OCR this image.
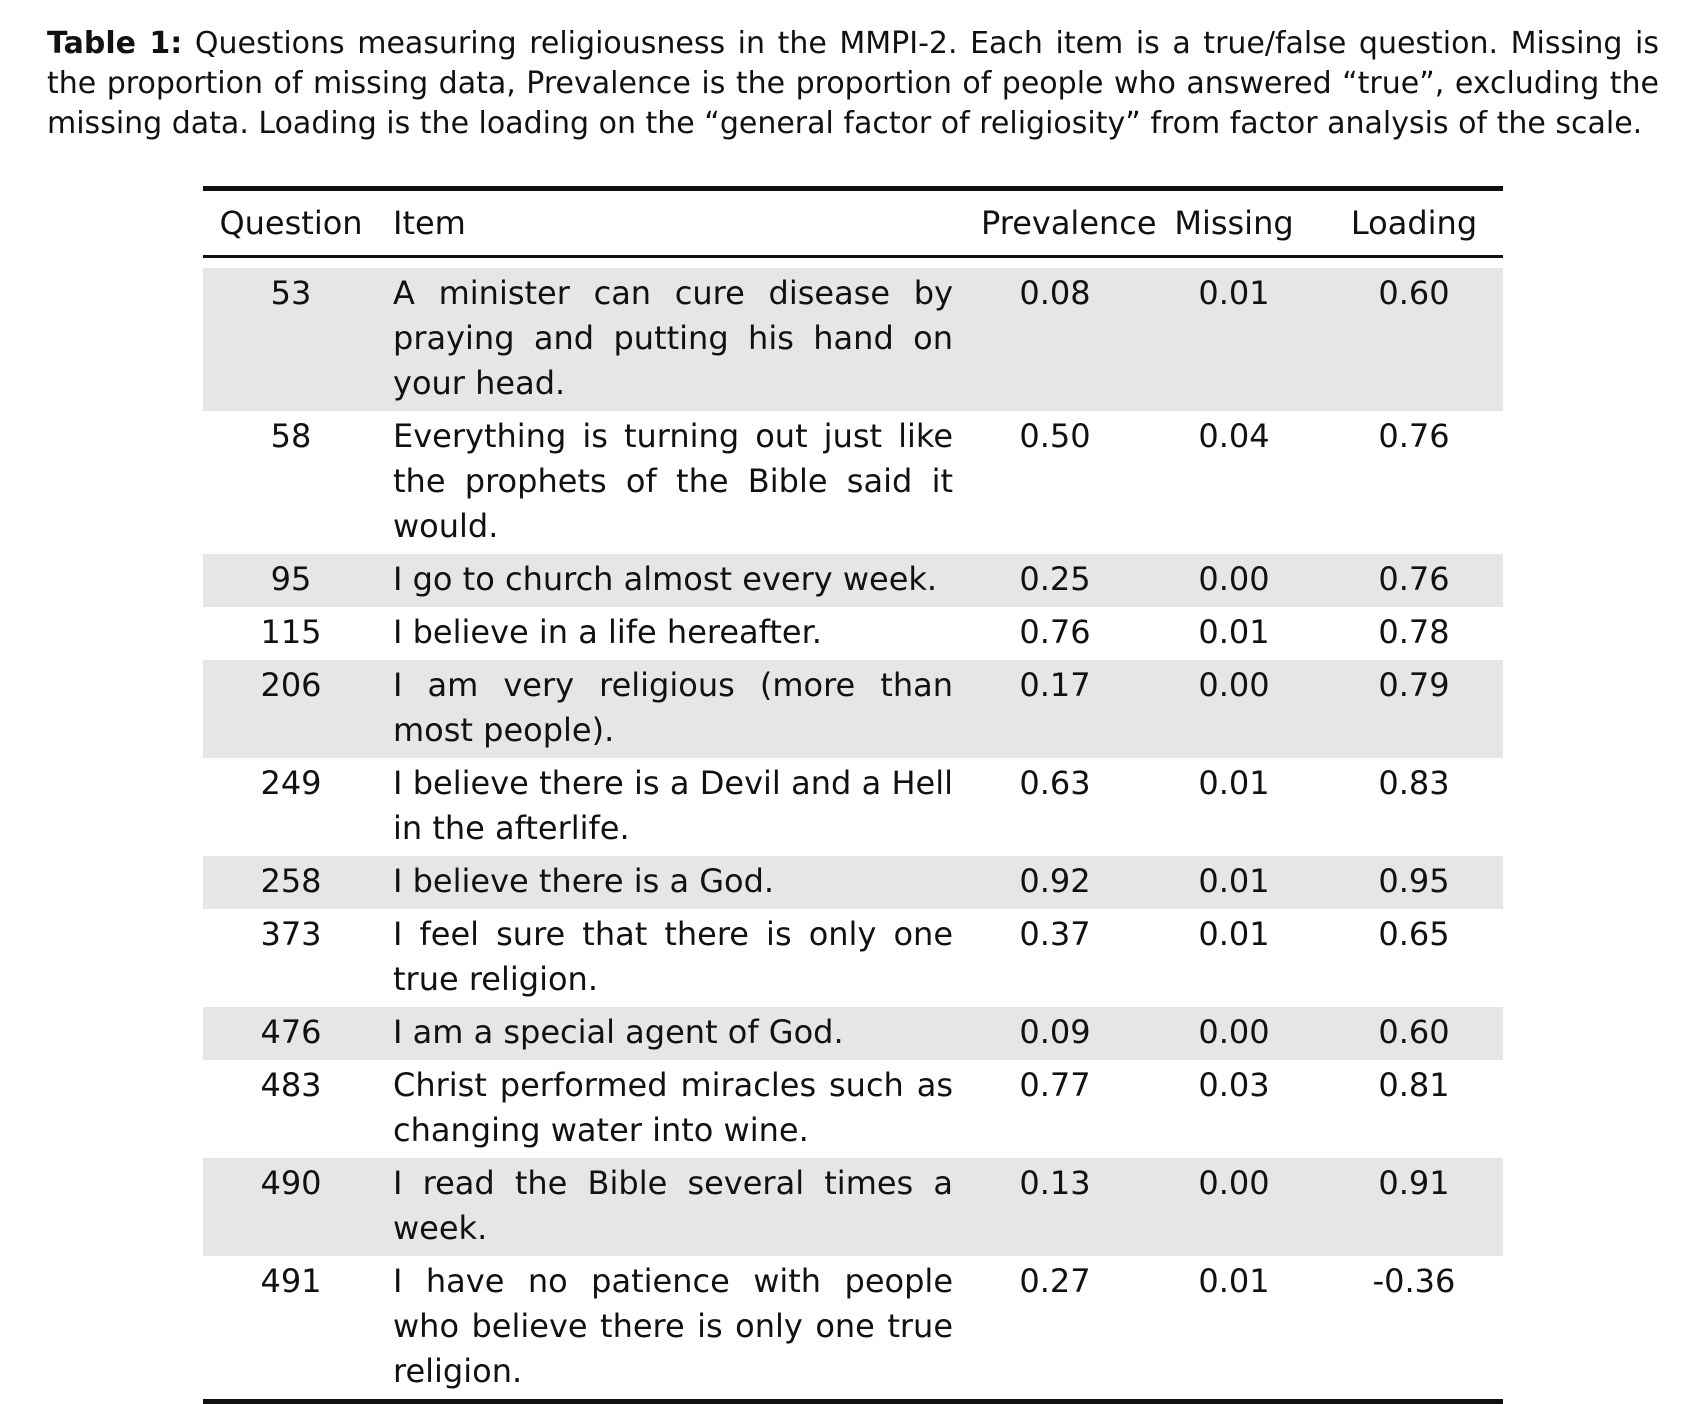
Table 1: Questions measuring religiousness in the MMPI-2. Each item is a true/false question. Missing is the proportion of missing data, Prevalence is the proportion of people who answered “true”, excluding the missing data. Loading is the loading on the “general factor of religiosity” from factor analysis of the scale.
Question	Item	Prevalence	Missing	Loading

53	A minister can cure disease by praying and putting his hand on your head.	0.08	0.01	0.60
58	Everything is turning out just like the prophets of the Bible said it would.	0.50	0.04	0.76
95	I go to church almost every week.	0.25	0.00	0.76
115	I believe in a life hereafter.	0.76	0.01	0.78
206	I am very religious (more than most people).	0.17	0.00	0.79
249	I believe there is a Devil and a Hell in the afterlife.	0.63	0.01	0.83
258	I believe there is a God.	0.92	0.01	0.95
373	I feel sure that there is only one true religion.	0.37	0.01	0.65
476	I am a special agent of God.	0.09	0.00	0.60
483	Christ performed miracles such as changing water into wine.	0.77	0.03	0.81
490	I read the Bible several times a week.	0.13	0.00	0.91
491	I have no patience with people who believe there is only one true religion.	0.27	0.01	-0.36
